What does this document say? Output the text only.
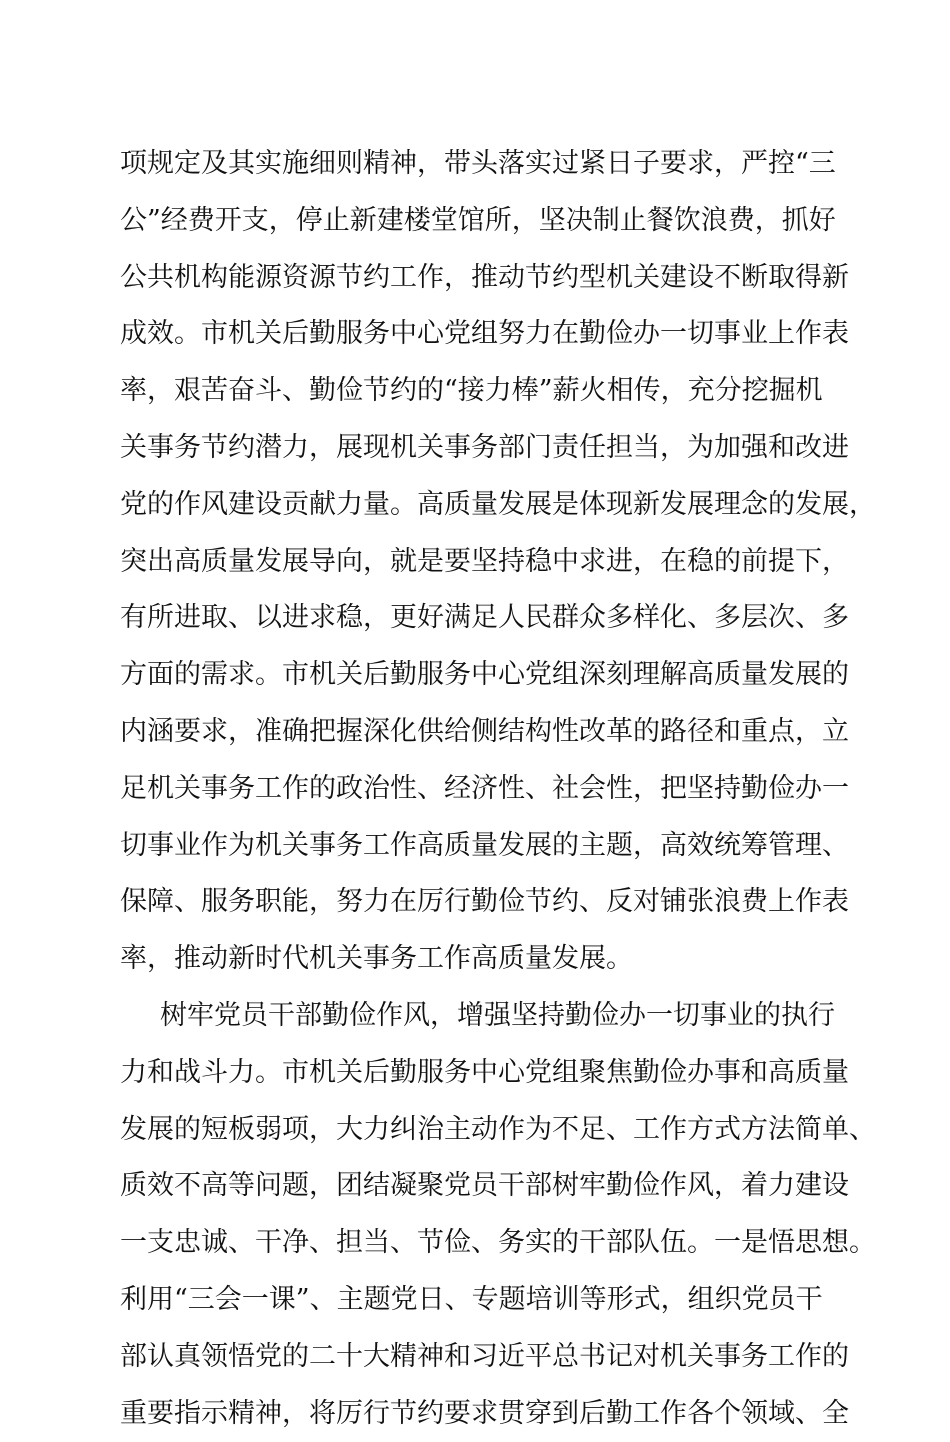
项规定及其实施细则精神，带头落实过紧日子要求，严控“三
公”经费开支，停止新建楼堂馆所，坚决制止餐饮浪费，抓好
公共机构能源资源节约工作，推动节约型机关建设不断取得新
成效。市机关后勤服务中心党组努力在勤俭办一切事业上作表
率，艰苦奋斗、勤俭节约的“接力棒”薪火相传，充分挖掘机
关事务节约潜力，展现机关事务部门责任担当，为加强和改进
党的作风建设贡献力量。高质量发展是体现新发展理念的发展，
突出高质量发展导向，就是要坚持稳中求进，在稳的前提下，
有所进取、以进求稳，更好满足人民群众多样化、多层次、多
方面的需求。市机关后勤服务中心党组深刻理解高质量发展的
内涵要求，准确把握深化供给侧结构性改革的路径和重点，立
足机关事务工作的政治性、经济性、社会性，把坚持勤俭办一
切事业作为机关事务工作高质量发展的主题，高效统筹管理、
保障、服务职能，努力在厉行勤俭节约、反对铺张浪费上作表
率，推动新时代机关事务工作高质量发展。
树牢党员干部勤俭作风，增强坚持勤俭办一切事业的执行
力和战斗力。市机关后勤服务中心党组聚焦勤俭办事和高质量
发展的短板弱项，大力纠治主动作为不足、工作方式方法简单、
质效不高等问题，团结凝聚党员干部树牢勤俭作风，着力建设
一支忠诚、干净、担当、节俭、务实的干部队伍。一是悟思想。
利用“三会一课”、主题党日、专题培训等形式，组织党员干
部认真领悟党的二十大精神和习近平总书记对机关事务工作的
重要指示精神，将厉行节约要求贯穿到后勤工作各个领域、全
